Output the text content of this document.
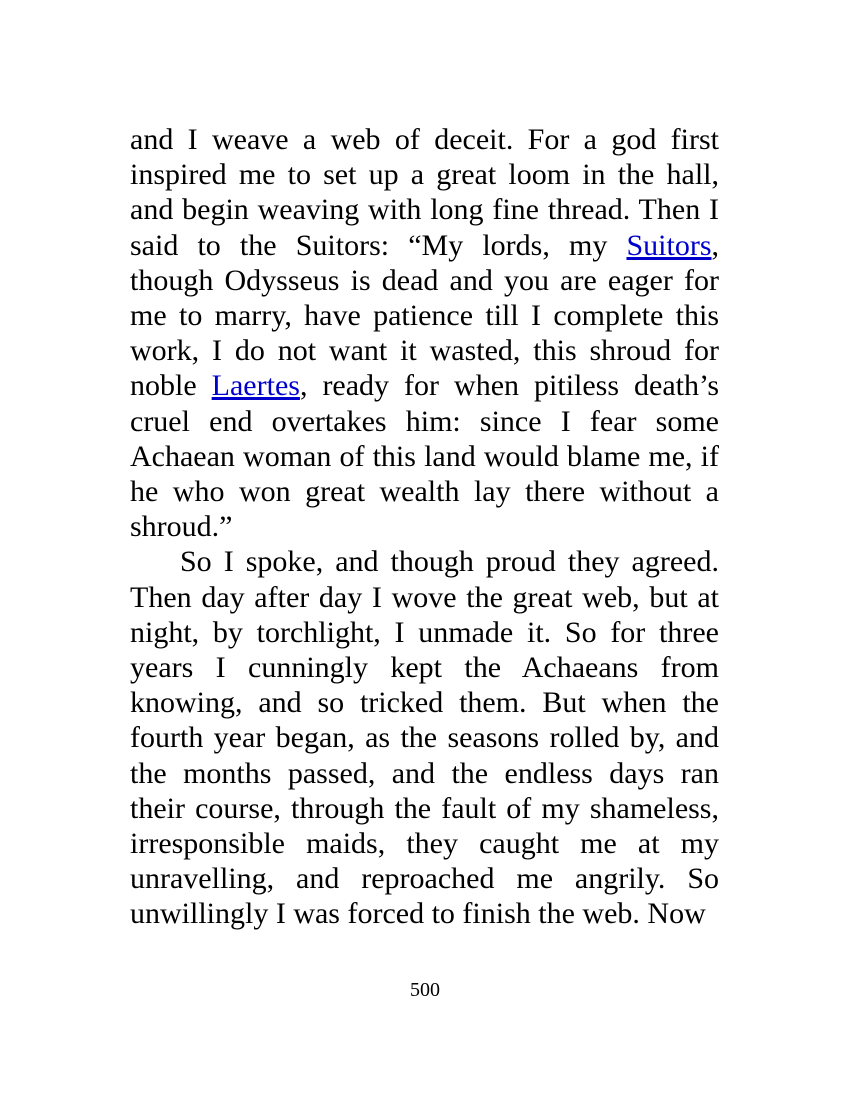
and I weave a web of deceit. For a god first inspired me to set up a great loom in the hall, and begin weaving with long fine thread. Then I said to the Suitors: “My lords, my Suitors, though Odysseus is dead and you are eager for me to marry, have patience till I complete this work, I do not want it wasted, this shroud for noble Laertes, ready for when pitiless death’s cruel end overtakes him: since I fear some Achaean woman of this land would blame me, if he who won great wealth lay there without a shroud.”

So I spoke, and though proud they agreed. Then day after day I wove the great web, but at night, by torchlight, I unmade it. So for three years I cunningly kept the Achaeans from knowing, and so tricked them. But when the fourth year began, as the seasons rolled by, and the months passed, and the endless days ran their course, through the fault of my shameless, irresponsible maids, they caught me at my unravelling, and reproached me angrily. So unwillingly I was forced to finish the web. Now

500
